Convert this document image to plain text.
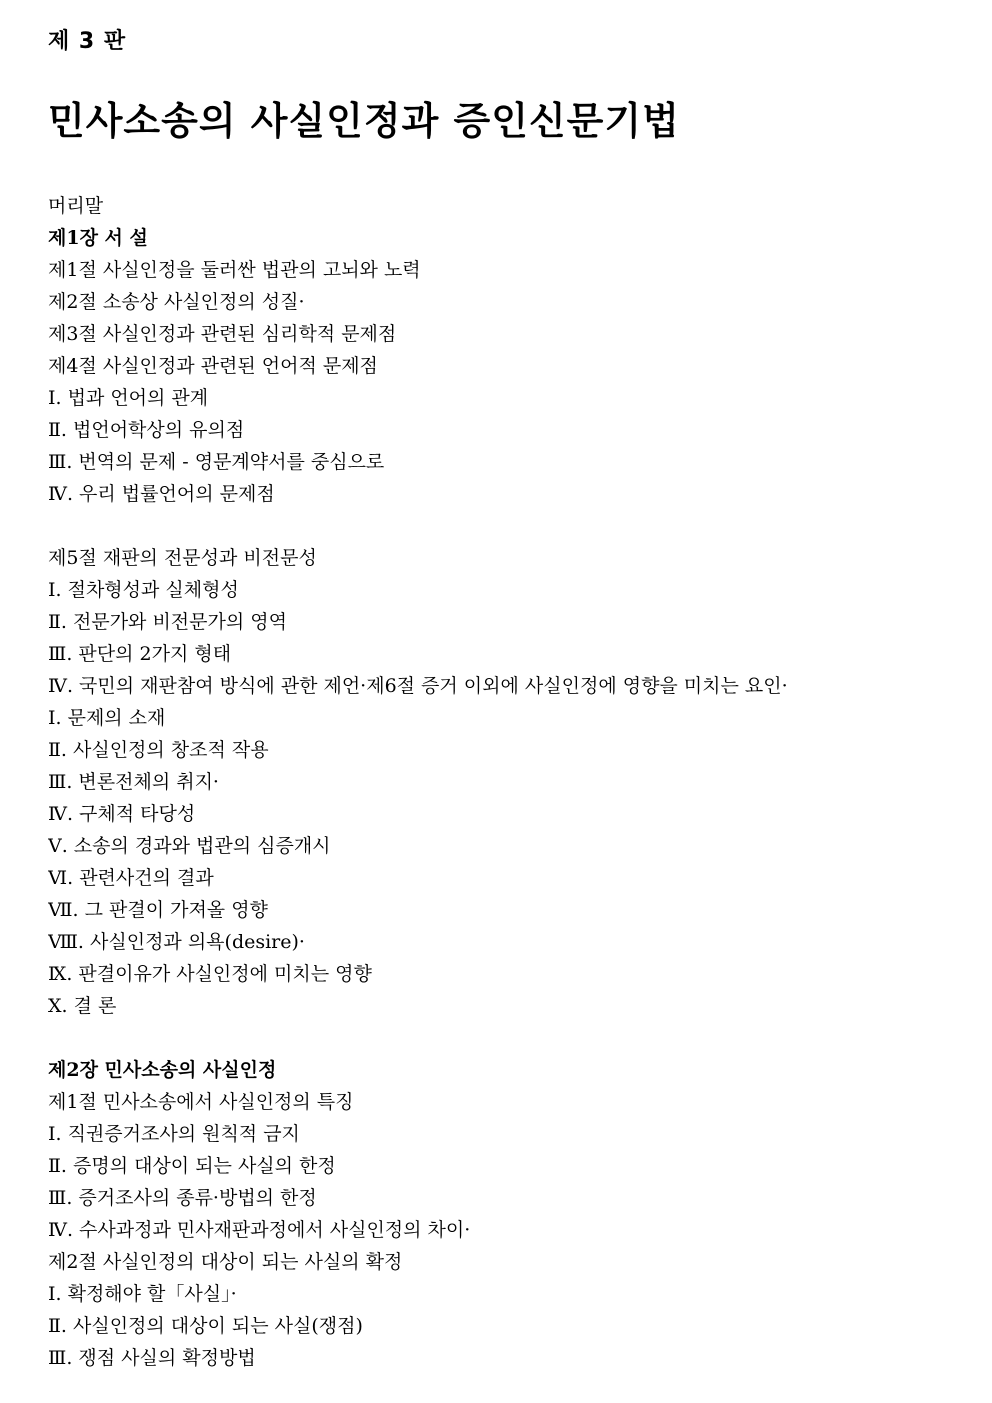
제 3 판
민사소송의 사실인정과 증인신문기법
머리말
제1장 서 설
제1절 사실인정을 둘러싼 법관의 고뇌와 노력
제2절 소송상 사실인정의 성질·
제3절 사실인정과 관련된 심리학적 문제점
제4절 사실인정과 관련된 언어적 문제점
Ⅰ. 법과 언어의 관계
Ⅱ. 법언어학상의 유의점
Ⅲ. 번역의 문제 - 영문계약서를 중심으로
Ⅳ. 우리 법률언어의 문제점
제5절 재판의 전문성과 비전문성
Ⅰ. 절차형성과 실체형성
Ⅱ. 전문가와 비전문가의 영역
Ⅲ. 판단의 2가지 형태
Ⅳ. 국민의 재판참여 방식에 관한 제언·제6절 증거 이외에 사실인정에 영향을 미치는 요인·
Ⅰ. 문제의 소재
Ⅱ. 사실인정의 창조적 작용
Ⅲ. 변론전체의 취지·
Ⅳ. 구체적 타당성
Ⅴ. 소송의 경과와 법관의 심증개시
Ⅵ. 관련사건의 결과
Ⅶ. 그 판결이 가져올 영향
Ⅷ. 사실인정과 의욕(desire)·
Ⅸ. 판결이유가 사실인정에 미치는 영향
Ⅹ. 결 론
제2장 민사소송의 사실인정
제1절 민사소송에서 사실인정의 특징
Ⅰ. 직권증거조사의 원칙적 금지
Ⅱ. 증명의 대상이 되는 사실의 한정
Ⅲ. 증거조사의 종류·방법의 한정
Ⅳ. 수사과정과 민사재판과정에서 사실인정의 차이·
제2절 사실인정의 대상이 되는 사실의 확정
Ⅰ. 확정해야 할「사실」·
Ⅱ. 사실인정의 대상이 되는 사실(쟁점)
Ⅲ. 쟁점 사실의 확정방법
